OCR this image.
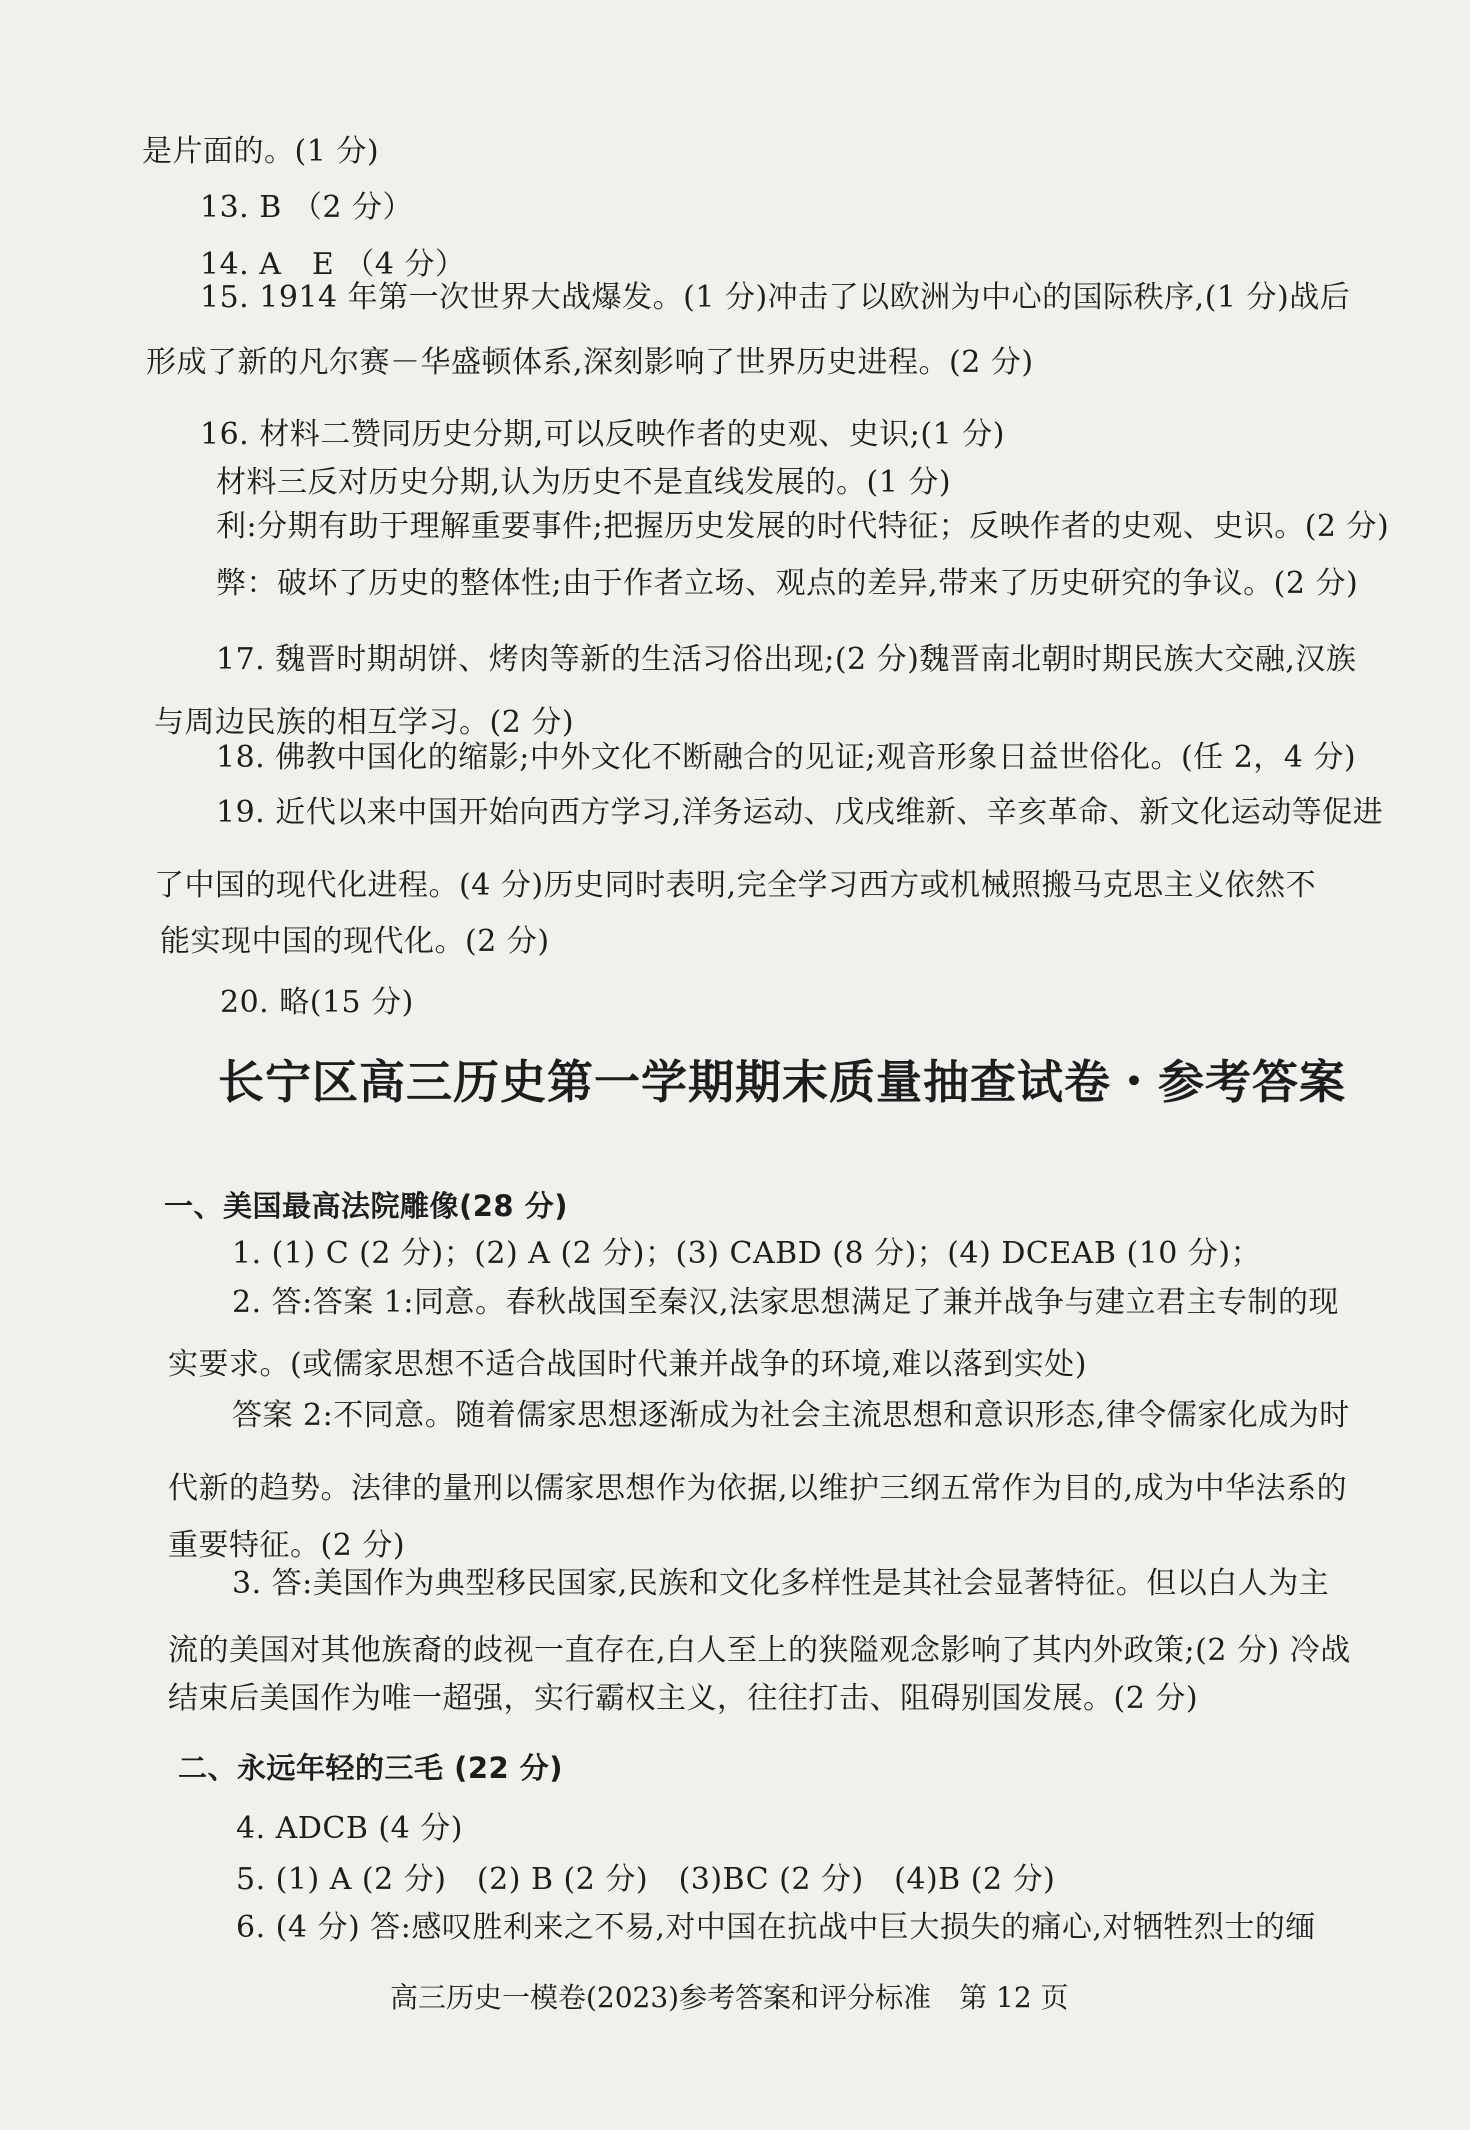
是片面的。(1 分)
13. B （2 分）
14. A　E （4 分）
15. 1914 年第一次世界大战爆发。(1 分)冲击了以欧洲为中心的国际秩序,(1 分)战后
形成了新的凡尔赛－华盛顿体系,深刻影响了世界历史进程。(2 分)
16. 材料二赞同历史分期,可以反映作者的史观、史识;(1 分)
材料三反对历史分期,认为历史不是直线发展的。(1 分)
利:分期有助于理解重要事件;把握历史发展的时代特征；反映作者的史观、史识。(2 分)
弊：破坏了历史的整体性;由于作者立场、观点的差异,带来了历史研究的争议。(2 分)
17. 魏晋时期胡饼、烤肉等新的生活习俗出现;(2 分)魏晋南北朝时期民族大交融,汉族
与周边民族的相互学习。(2 分)
18. 佛教中国化的缩影;中外文化不断融合的见证;观音形象日益世俗化。(任 2，4 分)
19. 近代以来中国开始向西方学习,洋务运动、戊戌维新、辛亥革命、新文化运动等促进
了中国的现代化进程。(4 分)历史同时表明,完全学习西方或机械照搬马克思主义依然不
能实现中国的现代化。(2 分)
20. 略(15 分)
长宁区高三历史第一学期期末质量抽查试卷・参考答案
一、美国最高法院雕像(28 分)
1. (1) C (2 分)；(2) A (2 分)；(3) CABD (8 分)；(4) DCEAB (10 分)；
2. 答:答案 1:同意。春秋战国至秦汉,法家思想满足了兼并战争与建立君主专制的现
实要求。(或儒家思想不适合战国时代兼并战争的环境,难以落到实处)
答案 2:不同意。随着儒家思想逐渐成为社会主流思想和意识形态,律令儒家化成为时
代新的趋势。法律的量刑以儒家思想作为依据,以维护三纲五常作为目的,成为中华法系的
重要特征。(2 分)
3. 答:美国作为典型移民国家,民族和文化多样性是其社会显著特征。但以白人为主
流的美国对其他族裔的歧视一直存在,白人至上的狭隘观念影响了其内外政策;(2 分) 冷战
结束后美国作为唯一超强，实行霸权主义，往往打击、阻碍别国发展。(2 分)
二、永远年轻的三毛 (22 分)
4. ADCB (4 分)
5. (1) A (2 分)　(2) B (2 分)　(3)BC (2 分)　(4)B (2 分)
6. (4 分) 答:感叹胜利来之不易,对中国在抗战中巨大损失的痛心,对牺牲烈士的缅
高三历史一模卷(2023)参考答案和评分标准　第 12 页
